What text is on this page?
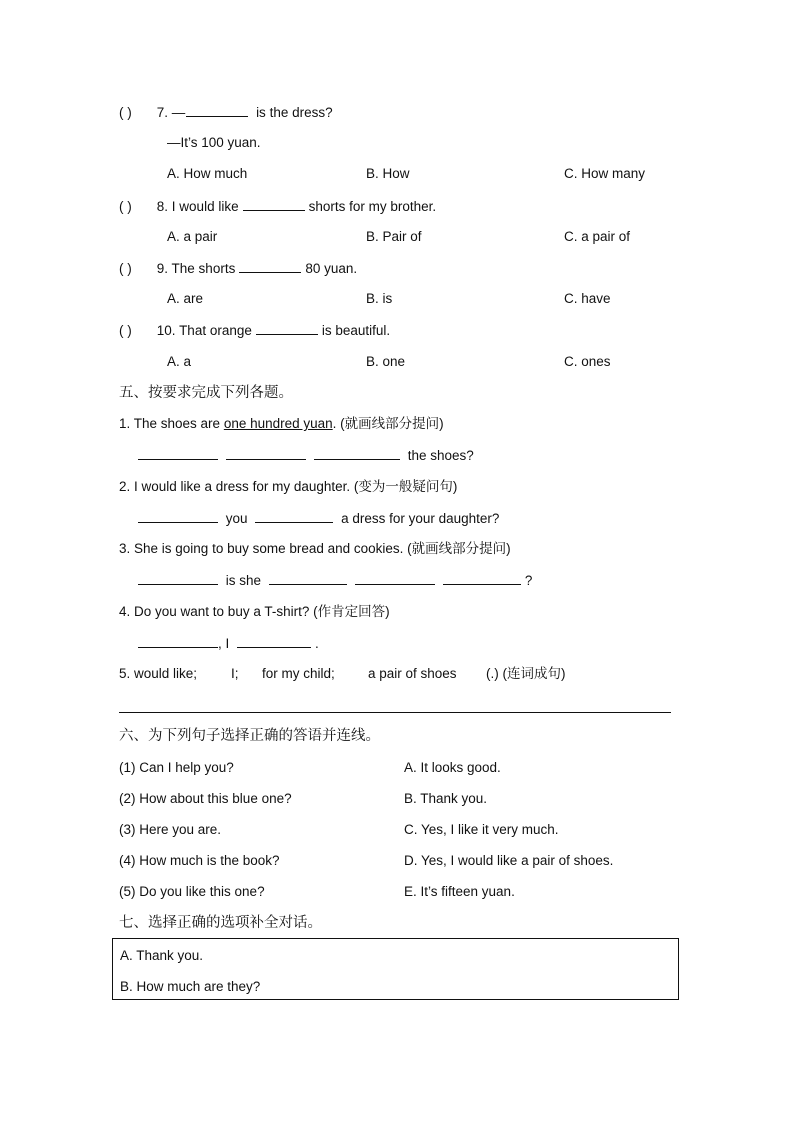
( ) 7. —	is the dress?
—It’s 100 yuan.
A. How much	B. How	C. How many
( ) 8. I would like	shorts for my brother.
A. a pair	B. Pair of	C. a pair of
( ) 9. The shorts	80 yuan.
A. are	B. is	C. have
( ) 10. That orange	is beautiful.
A. a	B. one	C. ones
五、按要求完成下列各题。
1. The shoes are one hundred yuan. (就画线部分提问)
the shoes?
2. I would like a dress for my daughter. (变为一般疑问句)
you	a dress for your daughter?
3. She is going to buy some bread and cookies. (就画线部分提问)
is she	?
4. Do you want to buy a T-shirt? (作肯定回答)
, I	.
5. would like;	I; for my child; a pair of shoes (.) (连词成句)
六、为下列句子选择正确的答语并连线。
(1) Can I help you?	A. It looks good.
(2) How about this blue one?	B. Thank you.
(3) Here you are.	C. Yes, I like it very much.
(4) How much is the book?	D. Yes, I would like a pair of shoes.
(5) Do you like this one?	E. It’s fifteen yuan.
七、选择正确的选项补全对话。
A. Thank you.
B. How much are they?
